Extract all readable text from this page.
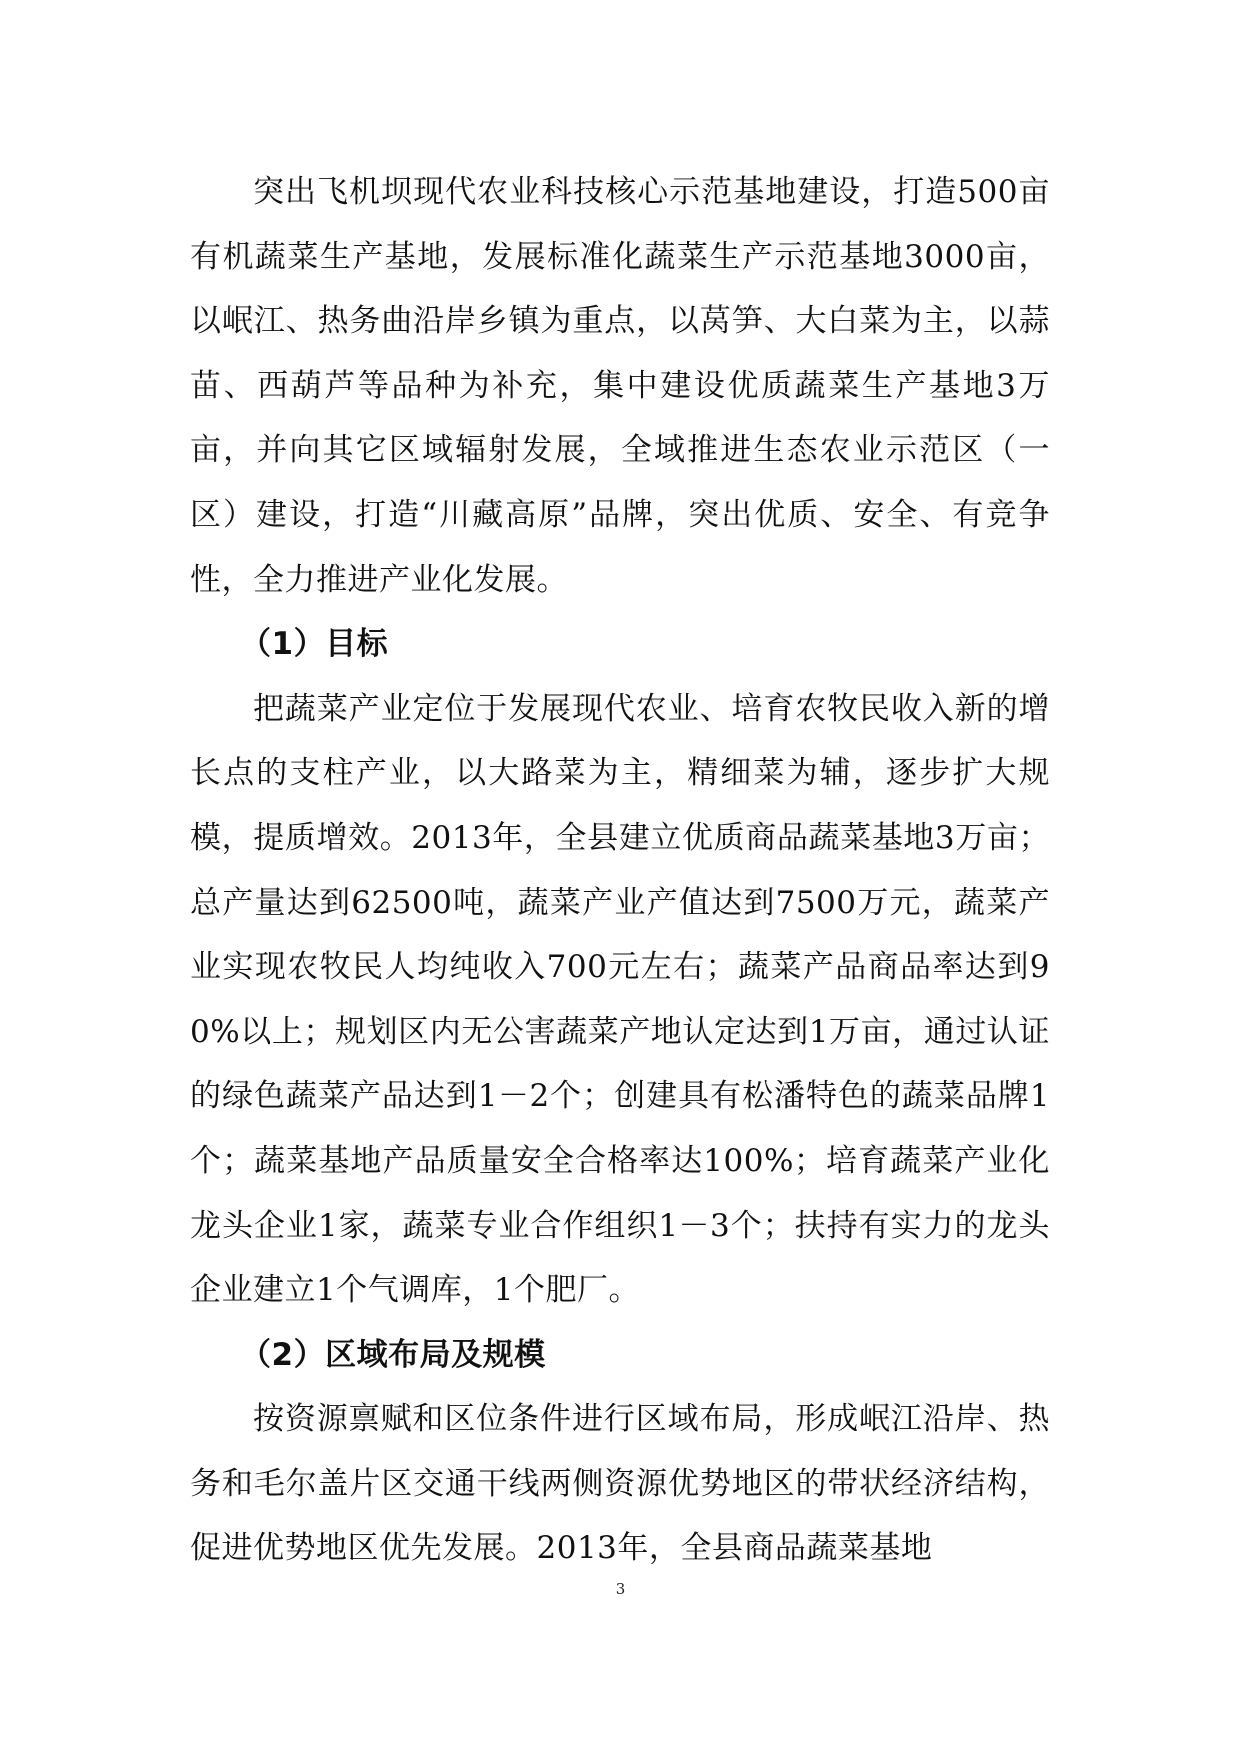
突出飞机坝现代农业科技核心示范基地建设，打造500亩有机蔬菜生产基地，发展标准化蔬菜生产示范基地3000亩，以岷江、热务曲沿岸乡镇为重点，以莴笋、大白菜为主，以蒜苗、西葫芦等品种为补充，集中建设优质蔬菜生产基地3万亩，并向其它区域辐射发展，全域推进生态农业示范区（一区）建设，打造“川藏高原”品牌，突出优质、安全、有竞争性，全力推进产业化发展。

（1）目标

把蔬菜产业定位于发展现代农业、培育农牧民收入新的增长点的支柱产业，以大路菜为主，精细菜为辅，逐步扩大规模，提质增效。2013年，全县建立优质商品蔬菜基地3万亩；总产量达到62500吨，蔬菜产业产值达到7500万元，蔬菜产业实现农牧民人均纯收入700元左右；蔬菜产品商品率达到90%以上；规划区内无公害蔬菜产地认定达到1万亩，通过认证的绿色蔬菜产品达到1－2个；创建具有松潘特色的蔬菜品牌1个；蔬菜基地产品质量安全合格率达100%；培育蔬菜产业化龙头企业1家，蔬菜专业合作组织1－3个；扶持有实力的龙头企业建立1个气调库，1个肥厂。

（2）区域布局及规模

按资源禀赋和区位条件进行区域布局，形成岷江沿岸、热务和毛尔盖片区交通干线两侧资源优势地区的带状经济结构，促进优势地区优先发展。2013年，全县商品蔬菜基地

3
